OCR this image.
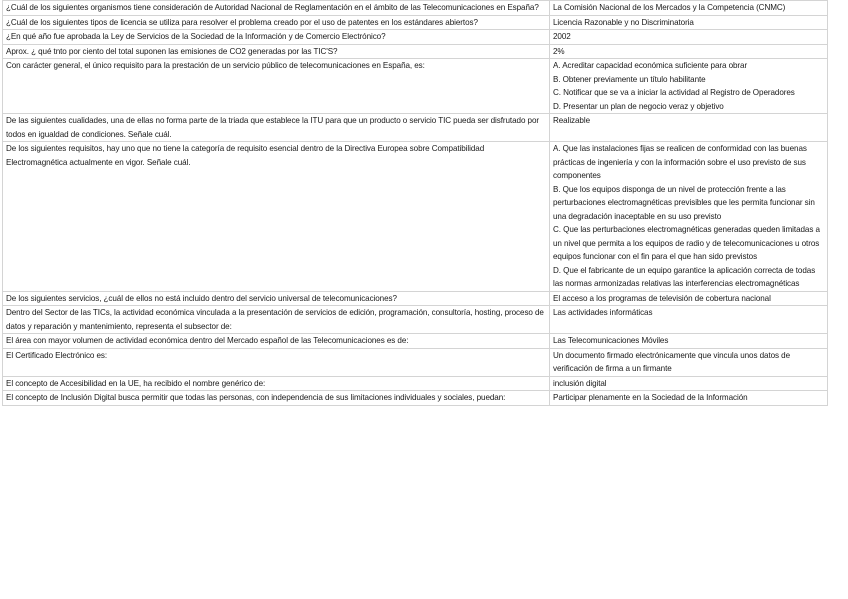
¿Cuál de los siguientes organismos tiene consideración de Autoridad Nacional de Reglamentación en el ámbito de las Telecomunicaciones en España?	La Comisión Nacional de los Mercados y la Competencia (CNMC)

¿Cuál de los siguientes tipos de licencia se utiliza para resolver el problema creado por el uso de patentes en los estándares abiertos?	Licencia Razonable y no Discriminatoria

¿En qué año fue aprobada la Ley de Servicios de la Sociedad de la Información y de Comercio Electrónico?	2002

Aprox. ¿ qué tnto por ciento del total suponen las emisiones de CO2 generadas por las TIC'S?	2%

Con carácter general, el único requisito para la prestación de un servicio público de telecomunicaciones en España, es:	A. Acreditar capacidad económica suficiente para obrar
B. Obtener previamente un título habilitante
C. Notificar que se va a iniciar la actividad al Registro de Operadores
D. Presentar un plan de negocio veraz y objetivo

De las siguientes cualidades, una de ellas no forma parte de la triada que establece la ITU para que un producto o servicio TIC pueda ser disfrutado por todos en igualdad de condiciones. Señale cuál.	Realizable

De los siguientes requisitos, hay uno que no tiene la categoría de requisito esencial dentro de la Directiva Europea sobre Compatibilidad Electromagnética actualmente en vigor. Señale cuál.	A. Que las instalaciones fijas se realicen de conformidad con las buenas prácticas de ingeniería y con la información sobre el uso previsto de sus componentes
B. Que los equipos disponga de un nivel de protección frente a las perturbaciones electromagnéticas previsibles que les permita funcionar sin una degradación inaceptable en su uso previsto
C. Que las perturbaciones electromagnéticas generadas queden limitadas a un nivel que permita a los equipos de radio y de telecomunicaciones u otros equipos funcionar con el fin para el que han sido previstos
D. Que el fabricante de un equipo garantice la aplicación correcta de todas las normas armonizadas relativas las interferencias electromagnéticas

De los siguientes servicios, ¿cuál de ellos no está incluido dentro del servicio universal de telecomunicaciones?	El acceso a los programas de televisión de cobertura nacional

Dentro del Sector de las TICs, la actividad económica vinculada a la presentación de servicios de edición, programación, consultoría, hosting, proceso de datos y reparación y mantenimiento, representa el subsector de:	Las actividades informáticas

El área con mayor volumen de actividad económica dentro del Mercado español de las Telecomunicaciones es de:	Las Telecomunicaciones Móviles

El Certificado Electrónico es:	Un documento firmado electrónicamente que vincula unos datos de verificación de firma a un firmante

El concepto de Accesibilidad en la UE, ha recibido el nombre genérico de:	inclusión digital

El concepto de Inclusión Digital busca permitir que todas las personas, con independencia de sus limitaciones individuales y sociales, puedan:	Participar plenamente en la Sociedad de la Información
